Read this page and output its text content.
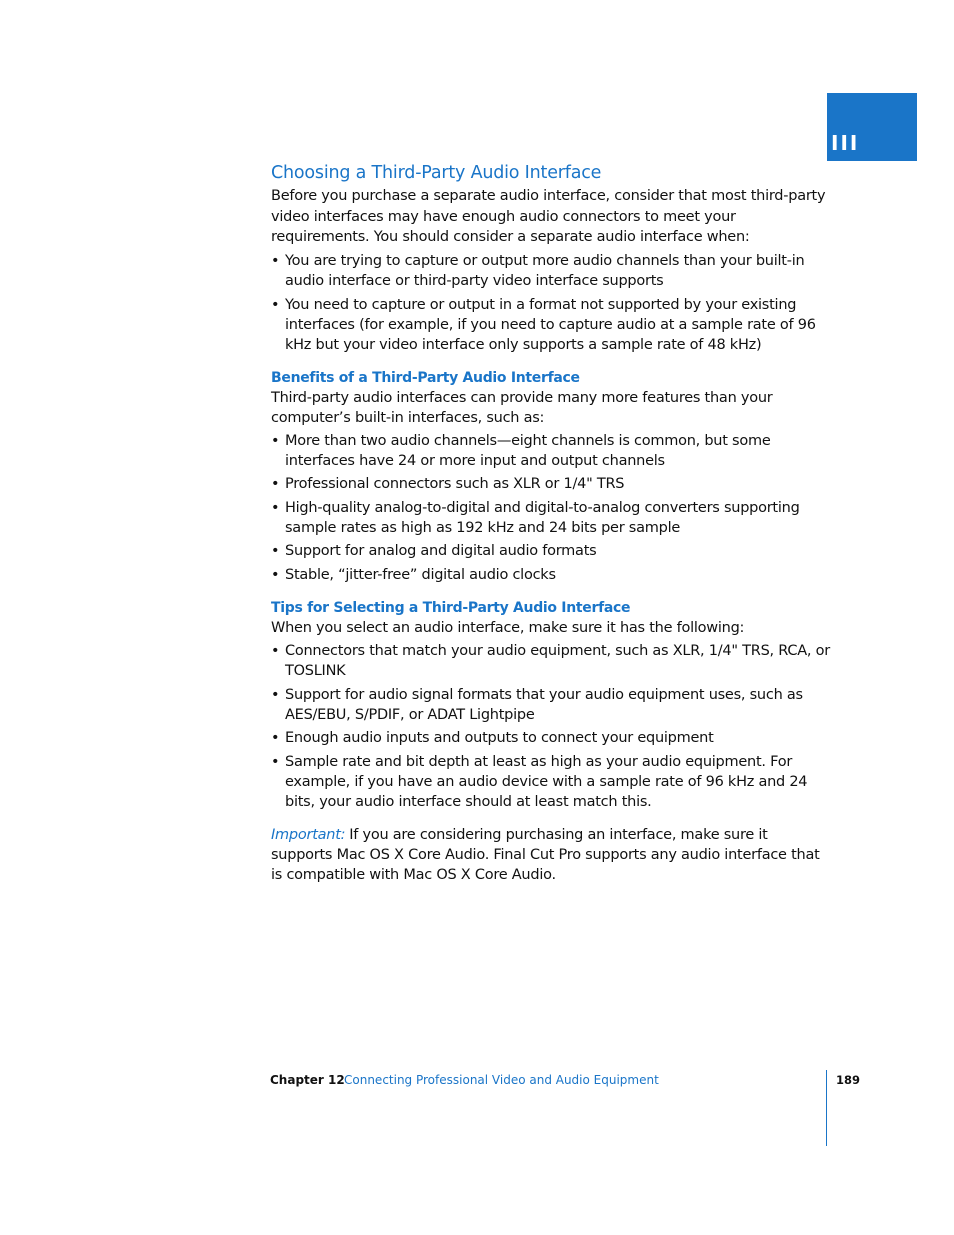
III
Choosing a Third-Party Audio Interface

Before you purchase a separate audio interface, consider that most third-party video interfaces may have enough audio connectors to meet your requirements. You should consider a separate audio interface when:

• You are trying to capture or output more audio channels than your built-in audio interface or third-party video interface supports
• You need to capture or output in a format not supported by your existing interfaces (for example, if you need to capture audio at a sample rate of 96 kHz but your video interface only supports a sample rate of 48 kHz)
Benefits of a Third-Party Audio Interface

Third-party audio interfaces can provide many more features than your computer’s built-in interfaces, such as:

• More than two audio channels—eight channels is common, but some interfaces have 24 or more input and output channels
• Professional connectors such as XLR or 1/4" TRS
• High-quality analog-to-digital and digital-to-analog converters supporting sample rates as high as 192 kHz and 24 bits per sample
• Support for analog and digital audio formats
• Stable, “jitter-free” digital audio clocks
Tips for Selecting a Third-Party Audio Interface

When you select an audio interface, make sure it has the following:

• Connectors that match your audio equipment, such as XLR, 1/4" TRS, RCA, or TOSLINK
• Support for audio signal formats that your audio equipment uses, such as AES/EBU, S/PDIF, or ADAT Lightpipe
• Enough audio inputs and outputs to connect your equipment
• Sample rate and bit depth at least as high as your audio equipment. For example, if you have an audio device with a sample rate of 96 kHz and 24 bits, your audio interface should at least match this.

Important: If you are considering purchasing an interface, make sure it supports Mac OS X Core Audio. Final Cut Pro supports any audio interface that is compatible with Mac OS X Core Audio.

Chapter 12 Connecting Professional Video and Audio Equipment	189
